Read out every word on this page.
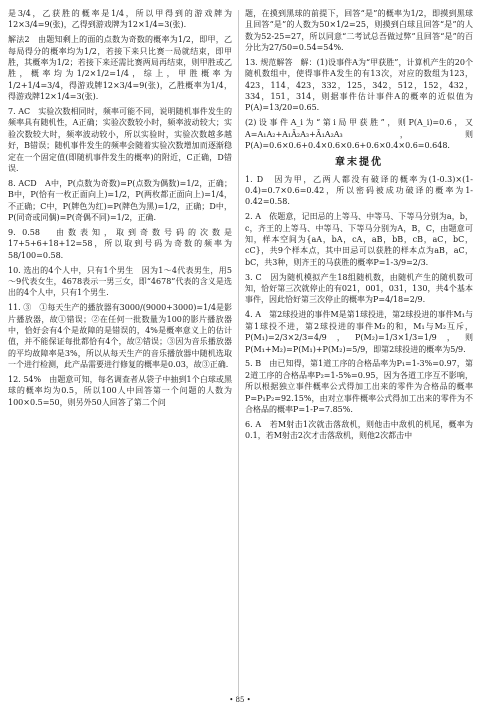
是3/4，乙获胜的概率是1/4，所以甲得到的游戏牌为12×3/4=9(张)，乙得到游戏牌为12×1/4=3(张).

解法2　由题知剩上的面的点数为奇数的概率为1/2，即甲，乙每局得分的概率均为1/2，若接下来只比赛一局就结束，即甲胜，其概率为1/2；若接下来还需比赛两局再结束，则甲胜或乙胜，概率均为1/2×1/2=1/4，综上，甲胜概率为1/2+1/4=3/4，得游戏牌12×3/4=9(张)，乙胜概率为1/4，得游戏牌12×1/4=3(张).

7. AC　实验次数相同时，频率可能不同，说明随机事件发生的频率具有随机性，A正确；实验次数较小时，频率波动较大；实验次数较大时，频率波动较小，所以实验时，实验次数越多越好，B错误；随机事件发生的频率会随着实验次数增加而逐渐稳定在一个固定值(即随机事件发生的概率)的附近，C正确，D错误.

8. ACD　A中，P(点数为奇数)=P(点数为偶数)=1/2，正确；B中，P(恰有一枚正面向上)=1/2，P(两枚都正面向上)=1/4，不正确；C中，P(牌色为红)=P(牌色为黑)=1/2，正确；D中，P(同奇或同偶)=P(奇偶不同)=1/2，正确.

9. 0.58　由数表知，取到奇数号码的次数是17+5+6+18+12=58，所以取到号码为奇数的频率为58/100=0.58.

10. 选出的4个人中，只有1个男生　因为1～4代表男生，用5～9代表女生，4678表示一男三女，即“4678”代表的含义是选出的4个人中，只有1个男生.

11. ③　①每天生产的播放器有3000/(9000+3000)=1/4是影片播放器，故①错误；②在任何一批数量为100的影片播放器中，恰好会有4个是故障的是错误的，4%是概率意义上的估计值，并不能保证每批都恰有4个，故②错误；③因为音乐播放器的平均故障率是3%，所以从每天生产的音乐播放器中随机选取一个进行检测，此产品需要进行修复的概率是0.03，故③正确.

12. 54%　由题意可知，每名调查者从袋子中抽到1个白球或黑球的概率均为0.5，所以100人中回答第一个问题的人数为100×0.5=50，则另外50人回答了第二个问

题，在摸到黑球的前提下，回答“是”的概率为1/2，即摸到黑球且回答“是”的人数为50×1/2=25，则摸到白球且回答“是”的人数为52-25=27，所以同意“二考试总吾做过弊”且回答“是”的百分比为27/50=0.54=54%.

13. 规范解答　解：(1)设事件A为“甲获胜”，计算机产生的20个随机数组中，使得事件A发生的有13次，对应的数组为123，423，114，423，332，125，342，512，152，432，334，151，314，则据事件估计事件A的概率的近似值为P(A)=13/20=0.65.

(2)设事件A_i为“第i局甲获胜”，则P(A_i)=0.6，又A=A₁A₂+A₁Ā₂A₃+Ā₁A₂A₃，则P(A)=0.6×0.6+0.4×0.6×0.6+0.6×0.4×0.6=0.648.

章末提优

1. D　因为甲，乙两人都没有破译的概率为(1-0.3)×(1-0.4)=0.7×0.6=0.42，所以密码被成功破译的概率为1-0.42=0.58.

2. A　依题意，记田忌的上等马、中等马、下等马分别为a，b，c，齐王的上等马、中等马、下等马分别为A，B，C，由题意可知，样本空间为{aA，bA，cA，aB，bB，cB，aC，bC，cC}，共9个样本点，其中田忌可以获胜的样本点为aB，aC，bC，共3种，则齐王的马获胜的概率P=1-3/9=2/3.

3. C　因为随机模拟产生18组随机数，由随机产生的随机数可知，恰好第三次就停止的有021，001，031，130，共4个基本事件，因此恰好第三次停止的概率为P=4/18=2/9.

4. A　第2球投进的事件M是第1球投进，第2球投进的事件M₁与第1球投不进，第2球投进的事件M₂的和，M₁与M₂互斥，P(M₁)=2/3×2/3=4/9，P(M₂)=1/3×1/3=1/9，则P(M₁+M₂)=P(M₁)+P(M₂)=5/9，即第2球投进的概率为5/9.

5. B　由已知得，第1道工序的合格品率为P₁=1-3%=0.97，第2道工序的合格品率P₂=1-5%=0.95，因为各道工序互不影响，所以根据独立事件概率公式得加工出来的零件为合格品的概率P=P₁P₂=92.15%，由对立事件概率公式得加工出来的零件为不合格品的概率P=1-P=7.85%.

6. A　若M射击1次就击落敌机，则他击中敌机的机尾，概率为0.1，若M射击2次才击落敌机，则他2次都击中

• 85 •
